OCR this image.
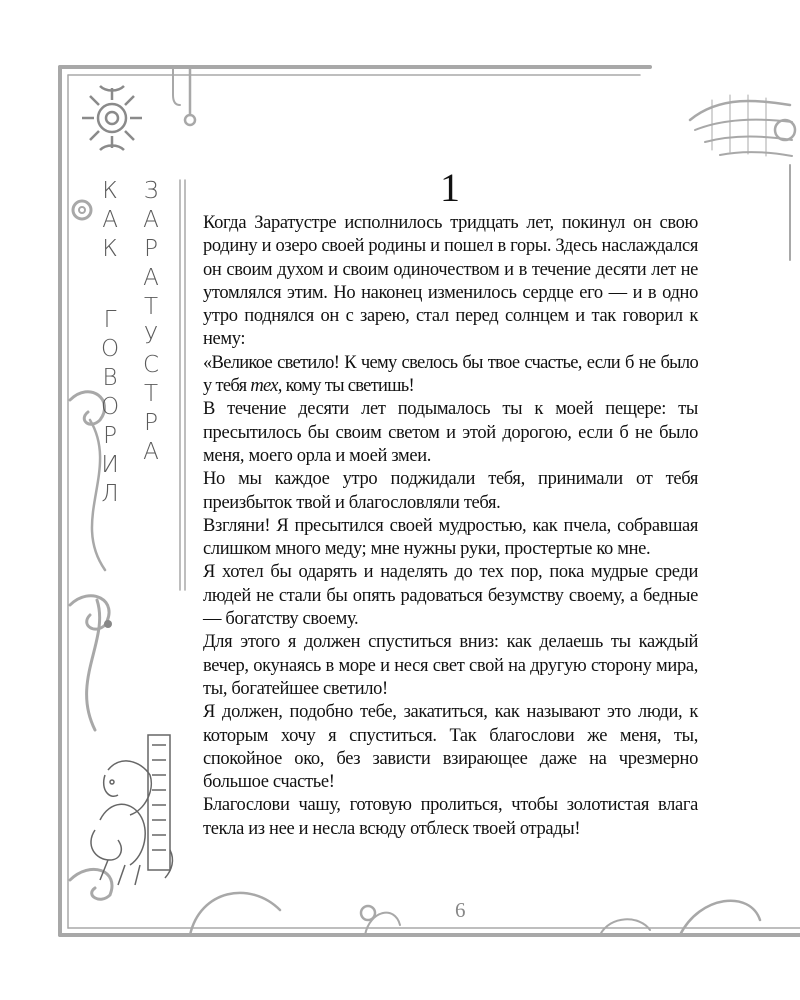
К
А
К
Г
О
В
О
Р
И
Л
З
А
Р
А
Т
У
С
Т
Р
А
1

Когда Заратустре исполнилось тридцать лет, покинул он свою родину и озеро своей родины и пошел в горы. Здесь наслаждался он своим духом и своим одиночеством и в течение десяти лет не утомлялся этим. Но наконец изменилось сердце его — и в одно утро поднялся он с зарею, стал перед солнцем и так говорил к нему:

«Великое светило! К чему свелось бы твое счастье, если б не было у тебя тех, кому ты светишь!

В течение десяти лет подымалось ты к моей пещере: ты пресытилось бы своим светом и этой дорогою, если б не было меня, моего орла и моей змеи.

Но мы каждое утро поджидали тебя, принимали от тебя преизбыток твой и благословляли тебя.

Взгляни! Я пресытился своей мудростью, как пчела, собравшая слишком много меду; мне нужны руки, простертые ко мне.

Я хотел бы одарять и наделять до тех пор, пока мудрые среди людей не стали бы опять радоваться безумству своему, а бедные — богатству своему.

Для этого я должен спуститься вниз: как делаешь ты каждый вечер, окунаясь в море и неся свет свой на другую сторону мира, ты, богатейшее светило!

Я должен, подобно тебе, закатиться, как называют это люди, к которым хочу я спуститься. Так благослови же меня, ты, спокойное око, без зависти взирающее даже на чрезмерно большое счастье!

Благослови чашу, готовую пролиться, чтобы золотистая влага текла из нее и несла всюду отблеск твоей отрады!

6
